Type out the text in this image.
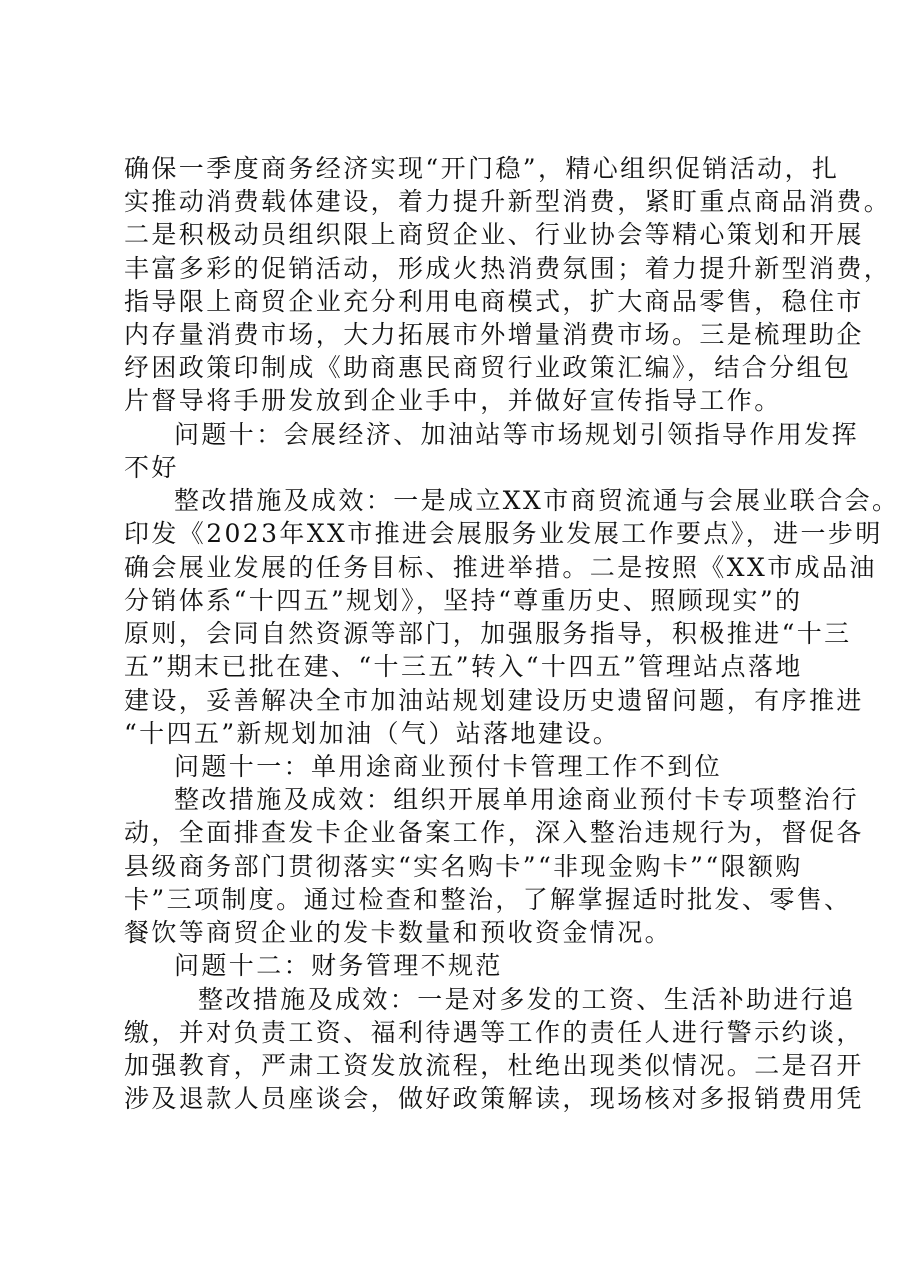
确保一季度商务经济实现“开门稳”，精心组织促销活动，扎
实推动消费载体建设，着力提升新型消费，紧盯重点商品消费。
二是积极动员组织限上商贸企业、行业协会等精心策划和开展
丰富多彩的促销活动，形成火热消费氛围；着力提升新型消费，
指导限上商贸企业充分利用电商模式，扩大商品零售，稳住市
内存量消费市场，大力拓展市外增量消费市场。三是梳理助企
纾困政策印制成《助商惠民商贸行业政策汇编》，结合分组包
片督导将手册发放到企业手中，并做好宣传指导工作。
问题十：会展经济、加油站等市场规划引领指导作用发挥
不好
整改措施及成效：一是成立XX市商贸流通与会展业联合会。
印发《2023年XX市推进会展服务业发展工作要点》，进一步明
确会展业发展的任务目标、推进举措。二是按照《XX市成品油
分销体系“十四五”规划》，坚持“尊重历史、照顾现实”的
原则，会同自然资源等部门，加强服务指导，积极推进“十三
五”期末已批在建、“十三五”转入“十四五”管理站点落地
建设，妥善解决全市加油站规划建设历史遗留问题，有序推进
“十四五”新规划加油（气）站落地建设。
问题十一：单用途商业预付卡管理工作不到位
整改措施及成效：组织开展单用途商业预付卡专项整治行
动，全面排查发卡企业备案工作，深入整治违规行为，督促各
县级商务部门贯彻落实“实名购卡”“非现金购卡”“限额购
卡”三项制度。通过检查和整治，了解掌握适时批发、零售、
餐饮等商贸企业的发卡数量和预收资金情况。
问题十二：财务管理不规范
整改措施及成效：一是对多发的工资、生活补助进行追
缴，并对负责工资、福利待遇等工作的责任人进行警示约谈，
加强教育，严肃工资发放流程，杜绝出现类似情况。二是召开
涉及退款人员座谈会，做好政策解读，现场核对多报销费用凭
